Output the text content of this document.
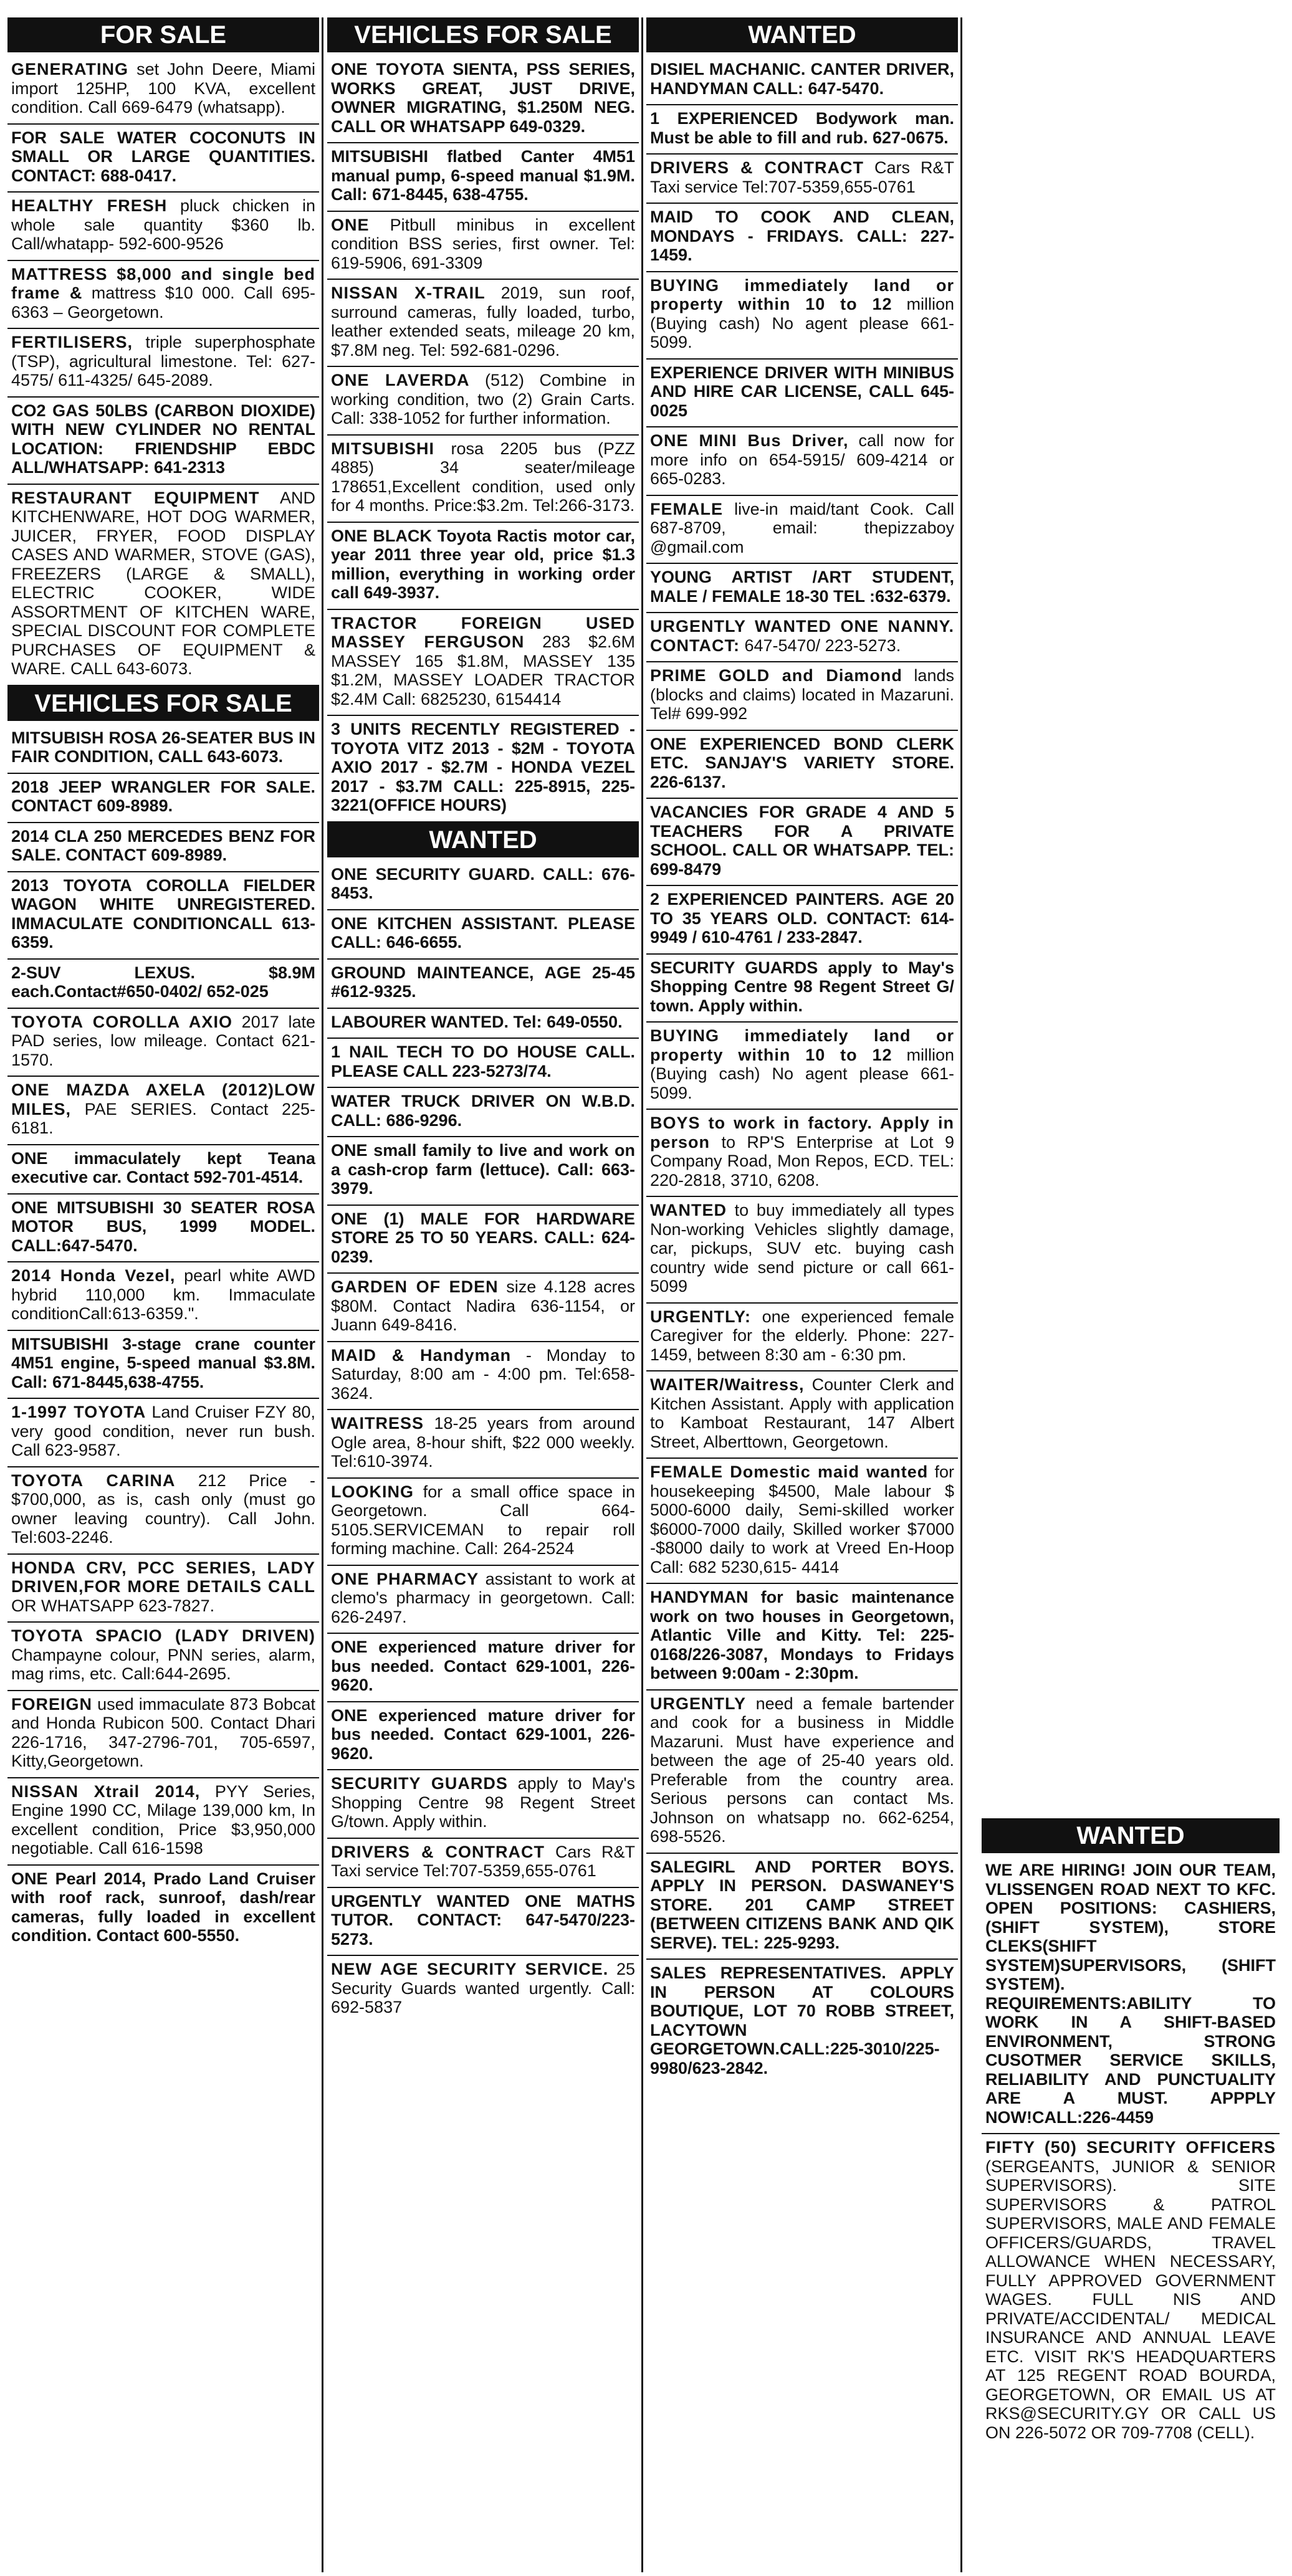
FOR SALE
GENERATING set John Deere, Miami import 125HP, 100 KVA, excellent condition. Call 669-6479 (whatsapp).
FOR SALE WATER COCONUTS IN SMALL OR LARGE QUANTITIES. CONTACT: 688-0417.
HEALTHY FRESH pluck chicken in whole sale quantity $360 lb. Call/whatapp- 592-600-9526
MATTRESS $8,000 and single bed frame & mattress $10 000. Call 695-6363 – Georgetown.
FERTILISERS, triple superphosphate (TSP), agricultural limestone. Tel: 627-4575/ 611-4325/ 645-2089.
CO2 GAS 50LBS (CARBON DIOXIDE) WITH NEW CYLINDER NO RENTAL LOCATION: FRIENDSHIP EBDC ALL/WHATSAPP: 641-2313
RESTAURANT EQUIPMENT AND KITCHENWARE, HOT DOG WARMER, JUICER, FRYER, FOOD DISPLAY CASES AND WARMER, STOVE (GAS), FREEZERS (LARGE & SMALL), ELECTRIC COOKER, WIDE ASSORTMENT OF KITCHEN WARE, SPECIAL DISCOUNT FOR COMPLETE PURCHASES OF EQUIPMENT & WARE. CALL 643-6073.
VEHICLES FOR SALE
MITSUBISH ROSA 26-SEATER BUS IN FAIR CONDITION, CALL 643-6073.
2018 JEEP WRANGLER FOR SALE. CONTACT 609-8989.
2014 CLA 250 MERCEDES BENZ FOR SALE. CONTACT 609-8989.
2013 TOYOTA COROLLA FIELDER WAGON WHITE UNREGISTERED. IMMACULATE CONDITIONCALL 613-6359.
2-SUV LEXUS. $8.9M each.Contact#650-0402/ 652-025
TOYOTA COROLLA AXIO 2017 late PAD series, low mileage. Contact 621-1570.
ONE MAZDA AXELA (2012)LOW MILES, PAE SERIES. Contact 225-6181.
ONE immaculately kept Teana executive car. Contact 592-701-4514.
ONE MITSUBISHI 30 SEATER ROSA MOTOR BUS, 1999 MODEL. CALL:647-5470.
2014 Honda Vezel, pearl white AWD hybrid 110,000 km. Immaculate conditionCall:613-6359.".
MITSUBISHI 3-stage crane counter 4M51 engine, 5-speed manual $3.8M. Call: 671-8445,638-4755.
1-1997 TOYOTA Land Cruiser FZY 80, very good condition, never run bush. Call 623-9587.
TOYOTA CARINA 212 Price - $700,000, as is, cash only (must go owner leaving country). Call John. Tel:603-2246.
HONDA CRV, PCC SERIES, LADY DRIVEN,FOR MORE DETAILS CALL OR WHATSAPP 623-7827.
TOYOTA SPACIO (LADY DRIVEN) Champayne colour, PNN series, alarm, mag rims, etc. Call:644-2695.
FOREIGN used immaculate 873 Bobcat and Honda Rubicon 500. Contact Dhari 226-1716, 347-2796-701, 705-6597, Kitty,Georgetown.
NISSAN Xtrail 2014, PYY Series, Engine 1990 CC, Milage 139,000 km, In excellent condition, Price $3,950,000 negotiable. Call 616-1598
ONE Pearl 2014, Prado Land Cruiser with roof rack, sunroof, dash/rear cameras, fully loaded in excellent condition. Contact 600-5550.
VEHICLES FOR SALE
ONE TOYOTA SIENTA, PSS SERIES, WORKS GREAT, JUST DRIVE, OWNER MIGRATING, $1.250M NEG. CALL OR WHATSAPP 649-0329.
MITSUBISHI flatbed Canter 4M51 manual pump, 6-speed manual $1.9M. Call: 671-8445, 638-4755.
ONE Pitbull minibus in excellent condition BSS series, first owner. Tel: 619-5906, 691-3309
NISSAN X-TRAIL 2019, sun roof, surround cameras, fully loaded, turbo, leather extended seats, mileage 20 km, $7.8M neg. Tel: 592-681-0296.
ONE LAVERDA (512) Combine in working condition, two (2) Grain Carts. Call: 338-1052 for further information.
MITSUBISHI rosa 2205 bus (PZZ 4885) 34 seater/mileage 178651,Excellent condition, used only for 4 months. Price:$3.2m. Tel:266-3173.
ONE BLACK Toyota Ractis motor car, year 2011 three year old, price $1.3 million, everything in working order call 649-3937.
TRACTOR FOREIGN USED MASSEY FERGUSON 283 $2.6M MASSEY 165 $1.8M, MASSEY 135 $1.2M, MASSEY LOADER TRACTOR $2.4M Call: 6825230, 6154414
3 UNITS RECENTLY REGISTERED - TOYOTA VITZ 2013 - $2M - TOYOTA AXIO 2017 - $2.7M - HONDA VEZEL 2017 - $3.7M CALL: 225-8915, 225-3221(OFFICE HOURS)
WANTED
ONE SECURITY GUARD. CALL: 676-8453.
ONE KITCHEN ASSISTANT. PLEASE CALL: 646-6655.
GROUND MAINTEANCE, AGE 25-45 #612-9325.
LABOURER WANTED. Tel: 649-0550.
1 NAIL TECH TO DO HOUSE CALL. PLEASE CALL 223-5273/74.
WATER TRUCK DRIVER ON W.B.D. CALL: 686-9296.
ONE small family to live and work on a cash-crop farm (lettuce). Call: 663-3979.
ONE (1) MALE FOR HARDWARE STORE 25 TO 50 YEARS. CALL: 624-0239.
GARDEN OF EDEN size 4.128 acres $80M. Contact Nadira 636-1154, or Juann 649-8416.
MAID & Handyman - Monday to Saturday, 8:00 am - 4:00 pm. Tel:658-3624.
WAITRESS 18-25 years from around Ogle area, 8-hour shift, $22 000 weekly. Tel:610-3974.
LOOKING for a small office space in Georgetown. Call 664-5105.SERVICEMAN to repair roll forming machine. Call: 264-2524
ONE PHARMACY assistant to work at clemo's pharmacy in georgetown. Call: 626-2497.
ONE experienced mature driver for bus needed. Contact 629-1001, 226-9620.
ONE experienced mature driver for bus needed. Contact 629-1001, 226-9620.
SECURITY GUARDS apply to May's Shopping Centre 98 Regent Street G/town. Apply within.
DRIVERS & CONTRACT Cars R&T Taxi service Tel:707-5359,655-0761
URGENTLY WANTED ONE MATHS TUTOR. CONTACT: 647-5470/223-5273.
NEW AGE SECURITY SERVICE. 25 Security Guards wanted urgently. Call: 692-5837
WANTED
DISIEL MACHANIC. CANTER DRIVER, HANDYMAN CALL: 647-5470.
1 EXPERIENCED Bodywork man. Must be able to fill and rub. 627-0675.
DRIVERS & CONTRACT Cars R&T Taxi service Tel:707-5359,655-0761
MAID TO COOK AND CLEAN, MONDAYS - FRIDAYS. CALL: 227-1459.
BUYING immediately land or property within 10 to 12 million (Buying cash) No agent please 661-5099.
EXPERIENCE DRIVER WITH MINIBUS AND HIRE CAR LICENSE, CALL 645-0025
ONE MINI Bus Driver, call now for more info on 654-5915/ 609-4214 or 665-0283.
FEMALE live-in maid/tant Cook. Call 687-8709, email: thepizzaboy @gmail.com
YOUNG ARTIST /ART STUDENT, MALE / FEMALE 18-30 TEL :632-6379.
URGENTLY WANTED ONE NANNY. CONTACT: 647-5470/ 223-5273.
PRIME GOLD and Diamond lands (blocks and claims) located in Mazaruni. Tel# 699-992
ONE EXPERIENCED BOND CLERK ETC. SANJAY'S VARIETY STORE. 226-6137.
VACANCIES FOR GRADE 4 AND 5 TEACHERS FOR A PRIVATE SCHOOL. CALL OR WHATSAPP. TEL: 699-8479
2 EXPERIENCED PAINTERS. AGE 20 TO 35 YEARS OLD. CONTACT: 614-9949 / 610-4761 / 233-2847.
SECURITY GUARDS apply to May's Shopping Centre 98 Regent Street G/ town. Apply within.
BUYING immediately land or property within 10 to 12 million (Buying cash) No agent please 661-5099.
BOYS to work in factory. Apply in person to RP'S Enterprise at Lot 9 Company Road, Mon Repos, ECD. TEL: 220-2818, 3710, 6208.
WANTED to buy immediately all types Non-working Vehicles slightly damage, car, pickups, SUV etc. buying cash country wide send picture or call 661-5099
URGENTLY: one experienced female Caregiver for the elderly. Phone: 227-1459, between 8:30 am - 6:30 pm.
WAITER/Waitress, Counter Clerk and Kitchen Assistant. Apply with application to Kamboat Restaurant, 147 Albert Street, Alberttown, Georgetown.
FEMALE Domestic maid wanted for housekeeping $4500, Male labour $ 5000-6000 daily, Semi-skilled worker $6000-7000 daily, Skilled worker $7000 -$8000 daily to work at Vreed En-Hoop Call: 682 5230,615- 4414
HANDYMAN for basic maintenance work on two houses in Georgetown, Atlantic Ville and Kitty. Tel: 225-0168/226-3087, Mondays to Fridays between 9:00am - 2:30pm.
URGENTLY need a female bartender and cook for a business in Middle Mazaruni. Must have experience and between the age of 25-40 years old. Preferable from the country area. Serious persons can contact Ms. Johnson on whatsapp no. 662-6254, 698-5526.
SALEGIRL AND PORTER BOYS. APPLY IN PERSON. DASWANEY'S STORE. 201 CAMP STREET (BETWEEN CITIZENS BANK AND QIK SERVE). TEL: 225-9293.
SALES REPRESENTATIVES. APPLY IN PERSON AT COLOURS BOUTIQUE, LOT 70 ROBB STREET, LACYTOWN GEORGETOWN.CALL:225-3010/225-9980/623-2842.
WANTED
WE ARE HIRING! JOIN OUR TEAM, VLISSENGEN ROAD NEXT TO KFC. OPEN POSITIONS: CASHIERS, (SHIFT SYSTEM), STORE CLEKS(SHIFT SYSTEM)SUPERVISORS, (SHIFT SYSTEM). REQUIREMENTS:ABILITY TO WORK IN A SHIFT-BASED ENVIRONMENT, STRONG CUSOTMER SERVICE SKILLS, RELIABILITY AND PUNCTUALITY ARE A MUST. APPPLY NOW!CALL:226-4459
FIFTY (50) SECURITY OFFICERS (SERGEANTS, JUNIOR & SENIOR SUPERVISORS). SITE SUPERVISORS & PATROL SUPERVISORS, MALE AND FEMALE OFFICERS/GUARDS, TRAVEL ALLOWANCE WHEN NECESSARY, FULLY APPROVED GOVERNMENT WAGES. FULL NIS AND PRIVATE/ACCIDENTAL/ MEDICAL INSURANCE AND ANNUAL LEAVE ETC. VISIT RK'S HEADQUARTERS AT 125 REGENT ROAD BOURDA, GEORGETOWN, OR EMAIL US AT RKS@SECURITY.GY OR CALL US ON 226-5072 OR 709-7708 (CELL).
